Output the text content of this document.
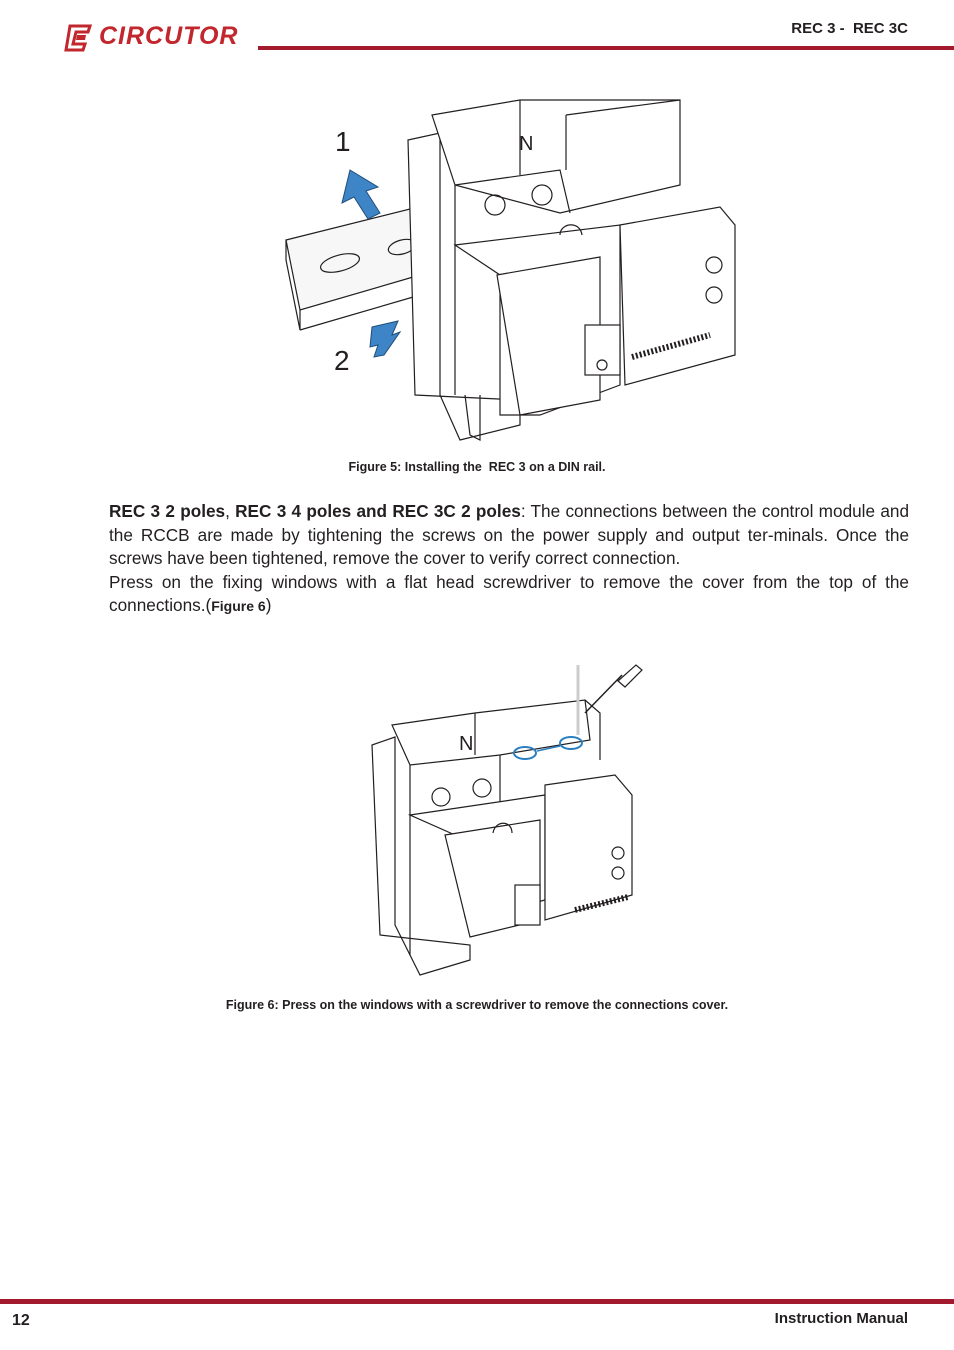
CIRCUTOR	REC 3 -  REC 3C
1
2
N
Figure 5: Installing the  REC 3 on a DIN rail.
REC 3 2 poles, REC 3 4 poles and REC 3C 2 poles: The connections between the control module and the RCCB are made by tightening the screws on the power supply and output ter-minals. Once the screws have been tightened, remove the cover to verify correct connection.
Press on the fixing windows with a flat head screwdriver to remove the cover from the top of the connections.(Figure 6)
N
Figure 6: Press on the windows with a screwdriver to remove the connections cover.
12	Instruction Manual
